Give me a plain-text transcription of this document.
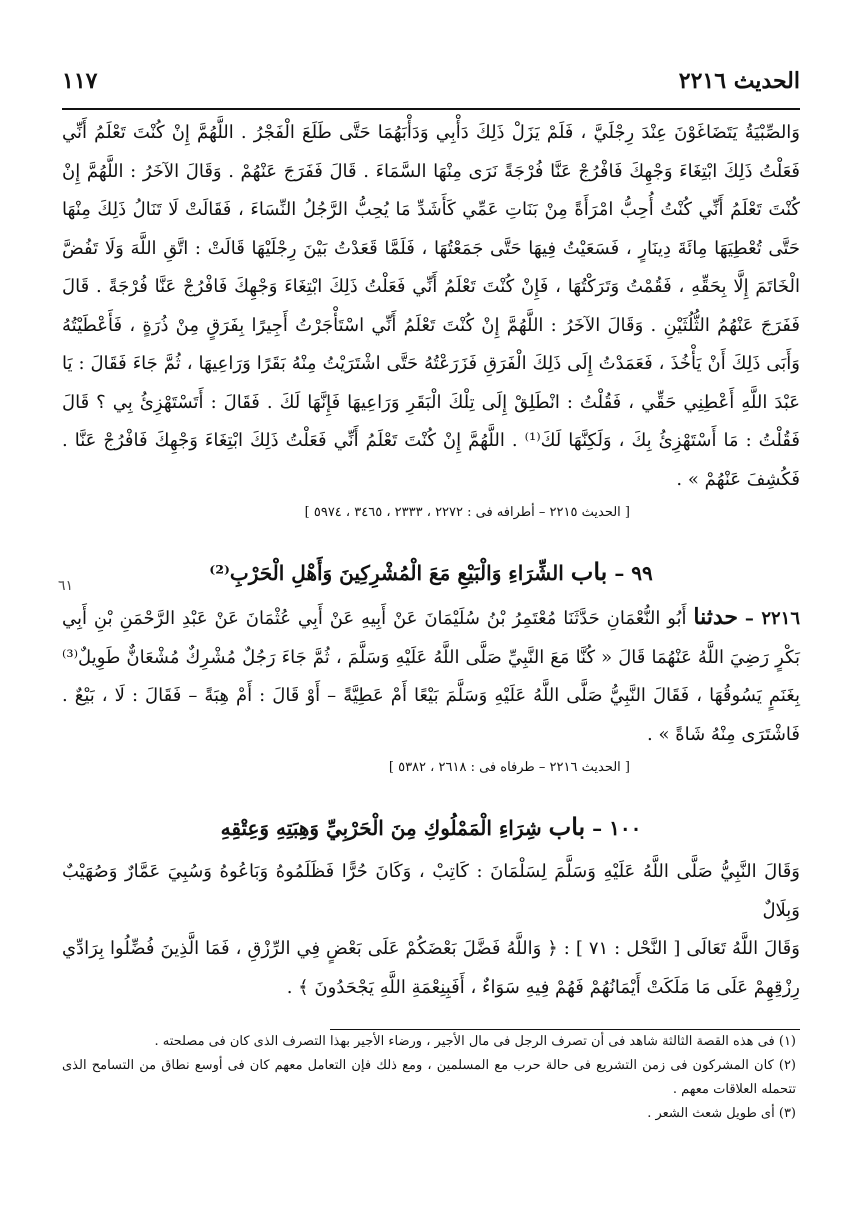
الحديث ٢٢١٦
١١٧

وَالصِّبْيَةُ يَتَضَاغَوْنَ عِنْدَ رِجْلَيَّ ، فَلَمْ يَزَلْ ذَلِكَ دَأْبِي وَدَأْبَهُمَا حَتَّى طَلَعَ الْفَجْرُ . اللَّهُمَّ إِنْ كُنْتَ تَعْلَمُ أَنِّي فَعَلْتُ ذَلِكَ ابْتِغَاءَ وَجْهِكَ فَافْرُجْ عَنَّا فُرْجَةً نَرَى مِنْهَا السَّمَاءَ . قَالَ فَفَرَجَ عَنْهُمْ . وَقَالَ الآخَرُ : اللَّهُمَّ إِنْ كُنْتَ تَعْلَمُ أَنِّي كُنْتُ أُحِبُّ امْرَأَةً مِنْ بَنَاتِ عَمِّي كَأَشَدِّ مَا يُحِبُّ الرَّجُلُ النِّسَاءَ ، فَقَالَتْ لَا تَنَالُ ذَلِكَ مِنْهَا حَتَّى تُعْطِيَهَا مِائَةَ دِينَارٍ ، فَسَعَيْتُ فِيهَا حَتَّى جَمَعْتُهَا ، فَلَمَّا قَعَدْتُ بَيْنَ رِجْلَيْهَا قَالَتْ : اتَّقِ اللَّهَ وَلَا تَفُضَّ الْخَاتَمَ إِلَّا بِحَقِّهِ ، فَقُمْتُ وَتَرَكْتُهَا ، فَإِنْ كُنْتَ تَعْلَمُ أَنِّي فَعَلْتُ ذَلِكَ ابْتِغَاءَ وَجْهِكَ فَافْرُجْ عَنَّا فُرْجَةً . قَالَ فَفَرَجَ عَنْهُمُ الثُّلُثَيْنِ . وَقَالَ الآخَرُ : اللَّهُمَّ إِنْ كُنْتَ تَعْلَمُ أَنِّي اسْتَأْجَرْتُ أَجِيرًا بِفَرَقٍ مِنْ ذُرَةٍ ، فَأَعْطَيْتُهُ وَأَبَى ذَلِكَ أَنْ يَأْخُذَ ، فَعَمَدْتُ إِلَى ذَلِكَ الْفَرَقِ فَزَرَعْتُهُ حَتَّى اشْتَرَيْتُ مِنْهُ بَقَرًا وَرَاعِيهَا ، ثُمَّ جَاءَ فَقَالَ : يَا عَبْدَ اللَّهِ أَعْطِنِي حَقِّي ، فَقُلْتُ : انْطَلِقْ إِلَى تِلْكَ الْبَقَرِ وَرَاعِيهَا فَإِنَّهَا لَكَ . فَقَالَ : أَتَسْتَهْزِئُ بِي ؟ قَالَ فَقُلْتُ : مَا أَسْتَهْزِئُ بِكَ ، وَلَكِنَّهَا لَكَ⁽¹⁾ . اللَّهُمَّ إِنْ كُنْتَ تَعْلَمُ أَنِّي فَعَلْتُ ذَلِكَ ابْتِغَاءَ وَجْهِكَ فَافْرُجْ عَنَّا . فَكُشِفَ عَنْهُمْ » .

[ الحديث ٢٢١٥ – أطرافه فى : ٢٢٧٢ ، ٢٣٣٣ ، ٣٤٦٥ ، ٥٩٧٤ ]
٩٩ – باب الشِّرَاءِ وَالْبَيْعِ مَعَ الْمُشْرِكِينَ وَأَهْلِ الْحَرْبِ⁽²⁾

٢٢١٦ – حدثنا أَبُو النُّعْمَانِ حَدَّثَنَا مُعْتَمِرُ بْنُ سُلَيْمَانَ عَنْ أَبِيهِ عَنْ أَبِي عُثْمَانَ عَنْ عَبْدِ الرَّحْمَنِ بْنِ أَبِي بَكْرٍ رَضِيَ اللَّهُ عَنْهُمَا قَالَ « كُنَّا مَعَ النَّبِيِّ صَلَّى اللَّهُ عَلَيْهِ وَسَلَّمَ ، ثُمَّ جَاءَ رَجُلٌ مُشْرِكٌ مُشْعَانٌّ طَوِيلٌ⁽³⁾ بِغَنَمٍ يَسُوقُهَا ، فَقَالَ النَّبِيُّ صَلَّى اللَّهُ عَلَيْهِ وَسَلَّمَ بَيْعًا أَمْ عَطِيَّةً – أَوْ قَالَ : أَمْ هِبَةً – فَقَالَ : لَا ، بَيْعٌ . فَاشْتَرَى مِنْهُ شَاةً » .

[ الحديث ٢٢١٦ – طرفاه فى : ٢٦١٨ ، ٥٣٨٢ ]
١٠٠ – باب شِرَاءِ الْمَمْلُوكِ مِنَ الْحَرْبِيِّ وَهِبَتِهِ وَعِتْقِهِ

وَقَالَ النَّبِيُّ صَلَّى اللَّهُ عَلَيْهِ وَسَلَّمَ لِسَلْمَانَ : كَاتِبْ ، وَكَانَ حُرًّا فَظَلَمُوهُ وَبَاعُوهُ وَسُبِيَ عَمَّارٌ وَصُهَيْبٌ وَبِلَالٌ

وَقَالَ اللَّهُ تَعَالَى [ النَّحْل : ٧١ ] : ﴿ وَاللَّهُ فَضَّلَ بَعْضَكُمْ عَلَى بَعْضٍ فِي الرِّزْقِ ، فَمَا الَّذِينَ فُضِّلُوا بِرَادِّي رِزْقِهِمْ عَلَى مَا مَلَكَتْ أَيْمَانُهُمْ فَهُمْ فِيهِ سَوَاءٌ ، أَفَبِنِعْمَةِ اللَّهِ يَجْحَدُونَ ﴾ .

(١) فى هذه القصة الثالثة شاهد فى أن تصرف الرجل فى مال الأجير ، ورضاء الأجير بهذا التصرف الذى كان فى مصلحته .

(٢) كان المشركون فى زمن التشريع فى حالة حرب مع المسلمين ، ومع ذلك فإن التعامل معهم كان فى أوسع نطاق من التسامح الذى تتحمله العلاقات معهم .

(٣) أى طويل شعث الشعر .

٦١
